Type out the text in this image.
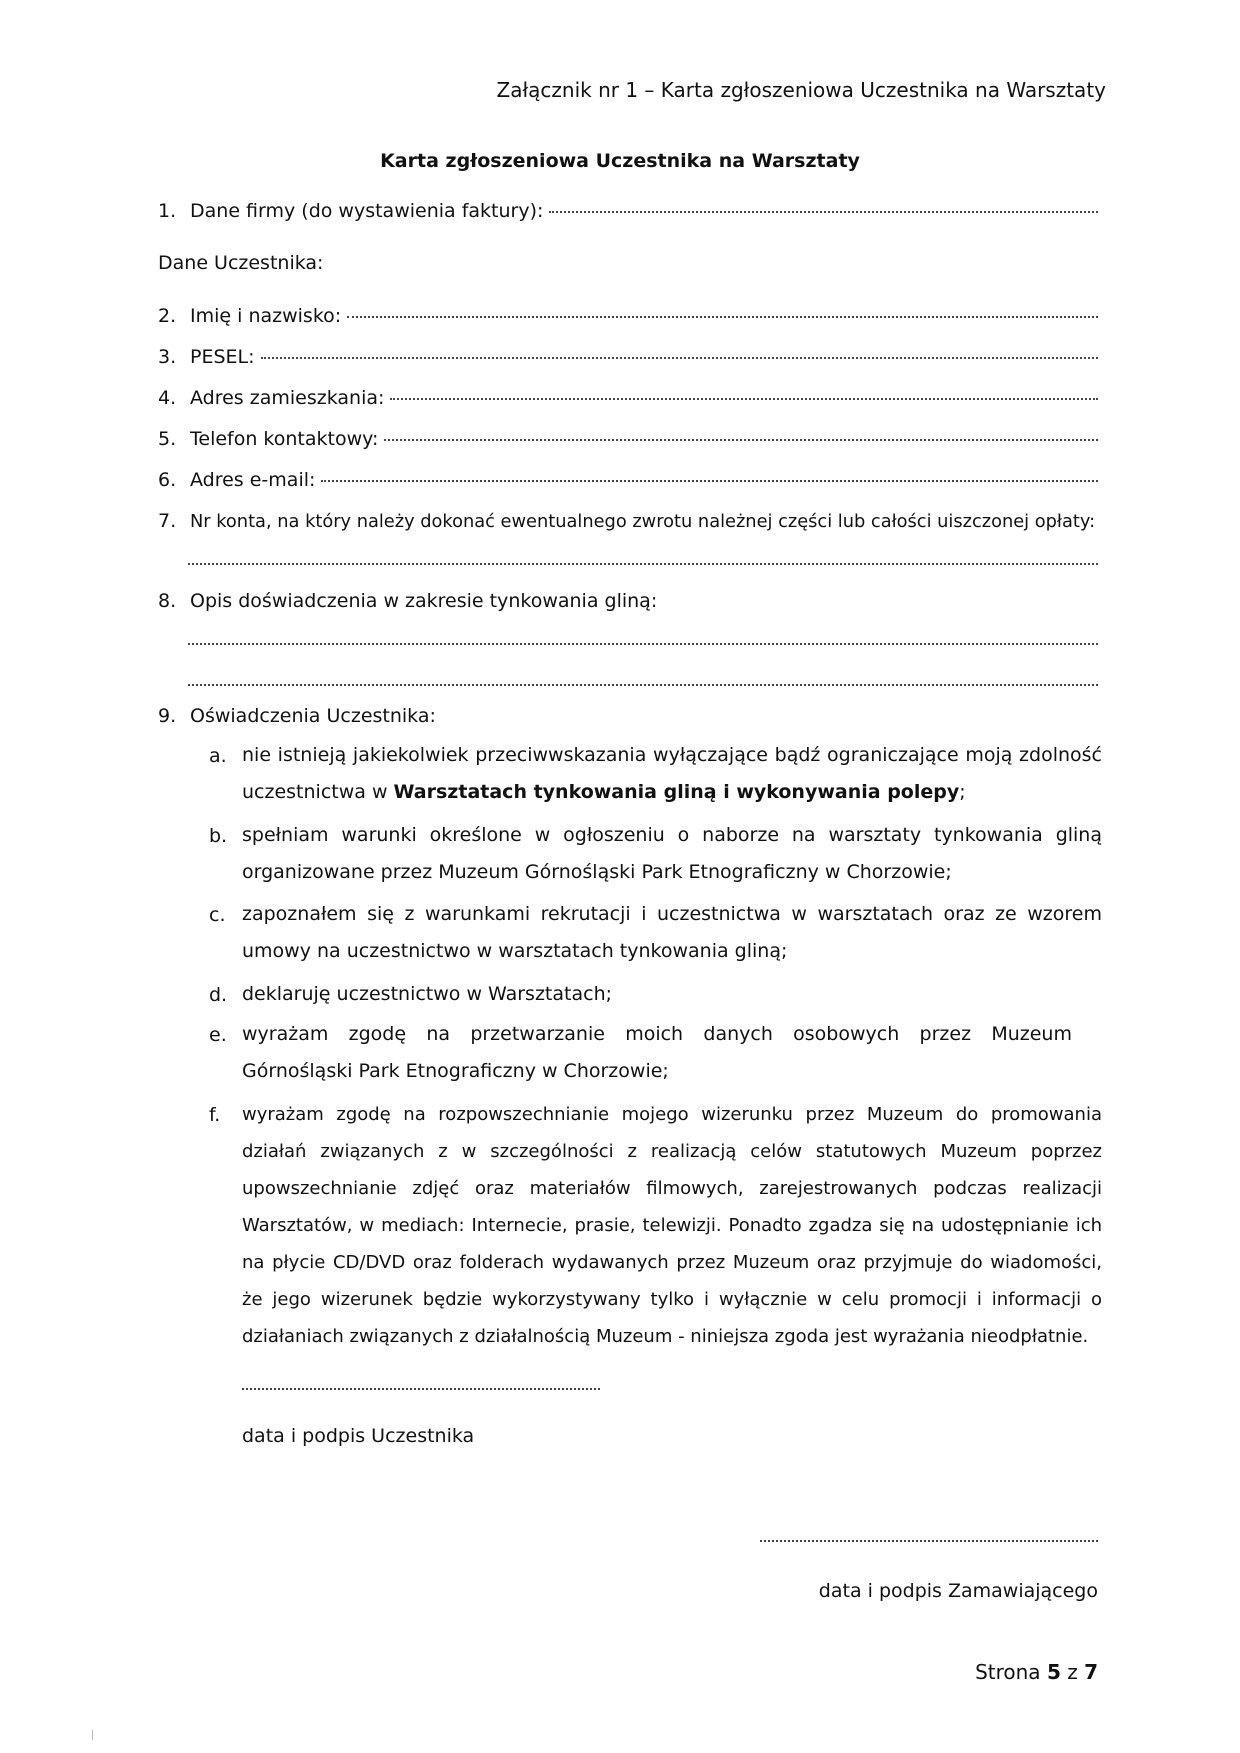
Załącznik nr 1 – Karta zgłoszeniowa Uczestnika na Warsztaty
Karta zgłoszeniowa Uczestnika na Warsztaty
1. Dane firmy (do wystawienia faktury):
Dane Uczestnika:
2. Imię i nazwisko:
3. PESEL:
4. Adres zamieszkania:
5. Telefon kontaktowy:
6. Adres e-mail:
7. Nr konta, na który należy dokonać ewentualnego zwrotu należnej części lub całości uiszczonej opłaty:
8. Opis doświadczenia w zakresie tynkowania gliną:
9. Oświadczenia Uczestnika:
a. nie istnieją jakiekolwiek przeciwwskazania wyłączające bądź ograniczające moją zdolność uczestnictwa w Warsztatach tynkowania gliną i wykonywania polepy;
b. spełniam warunki określone w ogłoszeniu o naborze na warsztaty tynkowania gliną organizowane przez Muzeum Górnośląski Park Etnograficzny w Chorzowie;
c. zapoznałem się z warunkami rekrutacji i uczestnictwa w warsztatach oraz ze wzorem umowy na uczestnictwo w warsztatach tynkowania gliną;
d. deklaruję uczestnictwo w Warsztatach;
e. wyrażam zgodę na przetwarzanie moich danych osobowych przez Muzeum Górnośląski Park Etnograficzny w Chorzowie;
f.	wyrażam zgodę na rozpowszechnianie mojego wizerunku przez Muzeum do promowania działań związanych z w szczególności z realizacją celów statutowych Muzeum poprzez upowszechnianie zdjęć oraz materiałów filmowych, zarejestrowanych podczas realizacji Warsztatów, w mediach: Internecie, prasie, telewizji. Ponadto zgadza się na udostępnianie ich na płycie CD/DVD oraz folderach wydawanych przez Muzeum oraz przyjmuje do wiadomości, że jego wizerunek będzie wykorzystywany tylko i wyłącznie w celu promocji i informacji o działaniach związanych z działalnością Muzeum - niniejsza zgoda jest wyrażania nieodpłatnie.
data i podpis Uczestnika
data i podpis Zamawiającego
Strona 5 z 7
